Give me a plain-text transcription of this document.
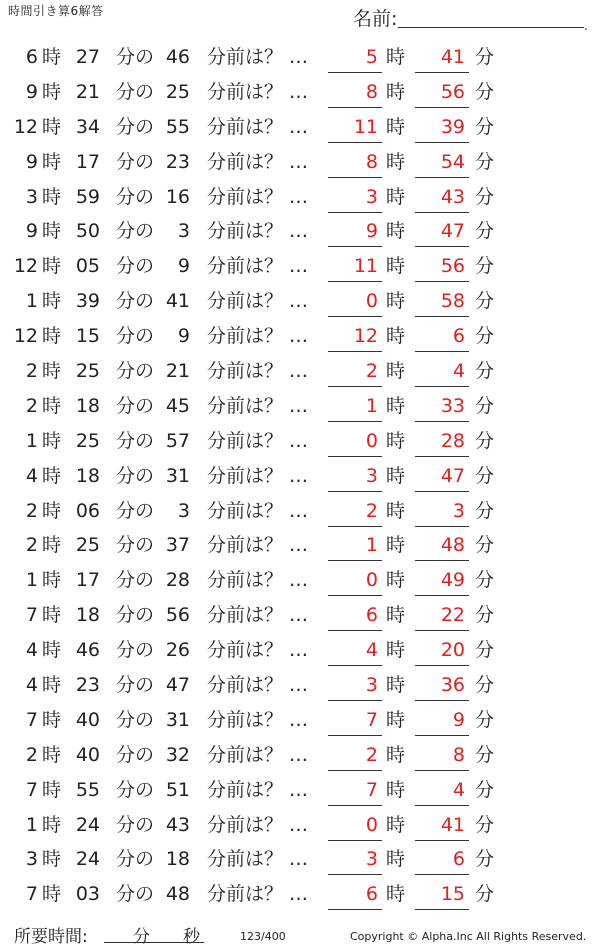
時間引き算6解答	名前:	.
6 時 27 分の 46 分前は？ …	5 時	41 分
9 時 21 分の 25 分前は？ …	8 時	56 分
12 時 34 分の 55 分前は？ …	11 時	39 分
9 時 17 分の 23 分前は？ …	8 時	54 分
3 時 59 分の 16 分前は？ …	3 時	43 分
9 時 50 分の	3 分前は？ …	9 時	47 分
12 時 05 分の	9 分前は？ …	11 時	56 分
1 時 39 分の 41 分前は？ …	0 時	58 分
12 時 15 分の	9 分前は？ …	12 時	6 分
2 時 25 分の 21 分前は？ …	2 時	4 分
2 時 18 分の 45 分前は？ …	1 時	33 分
1 時 25 分の 57 分前は？ …	0 時	28 分
4 時 18 分の 31 分前は？ …	3 時	47 分
2 時 06 分の	3 分前は？ …	2 時	3 分
2 時 25 分の 37 分前は？ …	1 時	48 分
1 時 17 分の 28 分前は？ …	0 時	49 分
7 時 18 分の 56 分前は？ …	6 時	22 分
4 時 46 分の 26 分前は？ …	4 時	20 分
4 時 23 分の 47 分前は？ …	3 時	36 分
7 時 40 分の 31 分前は？ …	7 時	9 分
2 時 40 分の 32 分前は？ …	2 時	8 分
7 時 55 分の 51 分前は？ …	7 時	4 分
1 時 24 分の 43 分前は？ …	0 時	41 分
3 時 24 分の 18 分前は？ …	3 時	6 分
7 時 03 分の 48 分前は？ …	6 時	15 分
所要時間:	分 秒	123/400	Copyright © Alpha.Inc All Rights Reserved.
